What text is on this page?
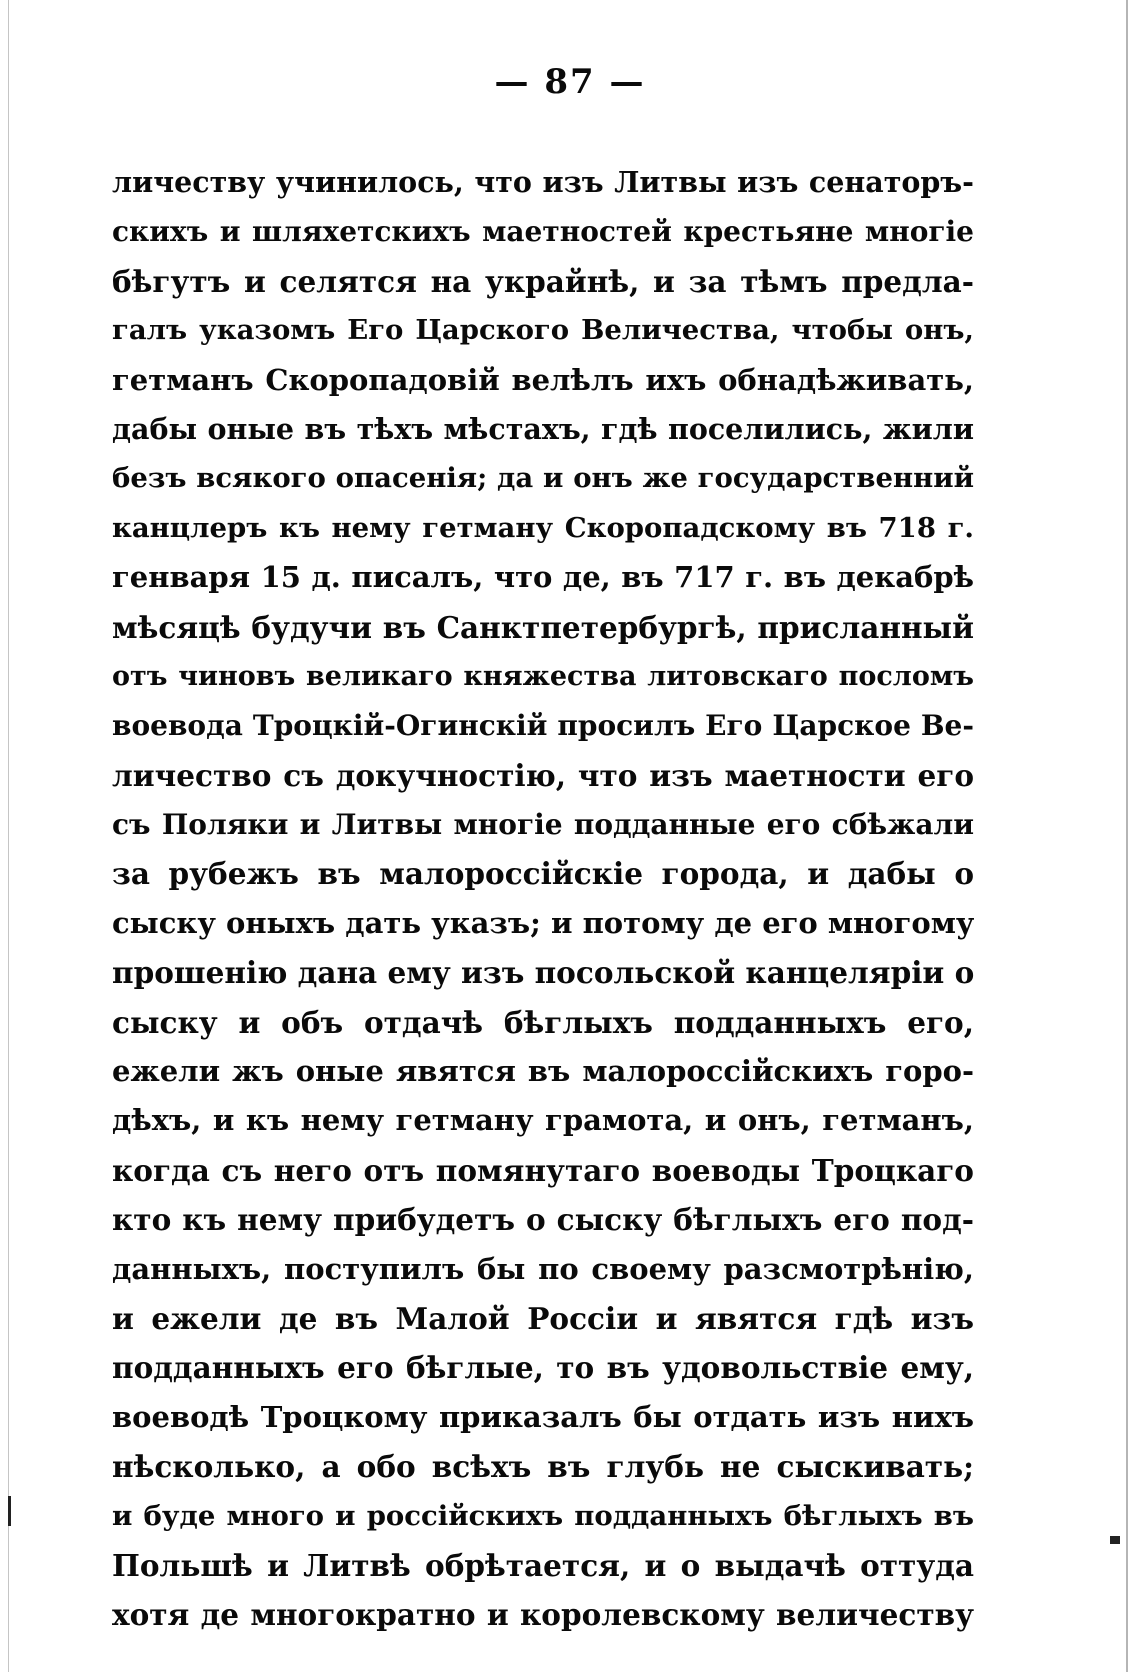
— 87 —
личеству учинилось, что изъ Литвы изъ сенаторъ-
скихъ и шляхетскихъ маетностей крестьяне многіе
бѣгутъ и селятся на украйнѣ, и за тѣмъ предла-
галъ указомъ Его Царского Величества, чтобы онъ,
гетманъ Скоропадовій велѣлъ ихъ обнадѣживать,
дабы оные въ тѣхъ мѣстахъ, гдѣ поселились, жили
безъ всякого опасенія; да и онъ же государственний
канцлеръ къ нему гетману Скоропадскому въ 718 г.
генваря 15 д. писалъ, что де, въ 717 г. въ декабрѣ
мѣсяцѣ будучи въ Санктпетербургѣ, присланный
отъ чиновъ великаго княжества литовскаго посломъ
воевода Троцкій-Огинскій просилъ Его Царское Ве-
личество съ докучностію, что изъ маетности его
съ Поляки и Литвы многіе подданные его сбѣжали
за рубежъ въ малороссійскіе города, и дабы о
сыску оныхъ дать указъ; и потому де его многому
прошенію дана ему изъ посольской канцеляріи о
сыску и объ отдачѣ бѣглыхъ подданныхъ его,
ежели жъ оные явятся въ малороссійскихъ горо-
дѣхъ, и къ нему гетману грамота, и онъ, гетманъ,
когда съ него отъ помянутаго воеводы Троцкаго
кто къ нему прибудетъ о сыску бѣглыхъ его под-
данныхъ, поступилъ бы по своему разсмотрѣнію,
и ежели де въ Малой Россіи и явятся гдѣ изъ
подданныхъ его бѣглые, то въ удовольствіе ему,
воеводѣ Троцкому приказалъ бы отдать изъ нихъ
нѣсколько, а обо всѣхъ въ глубь не сыскивать;
и буде много и россійскихъ подданныхъ бѣглыхъ въ
Польшѣ и Литвѣ обрѣтается, и о выдачѣ оттуда
хотя де многократно и королевскому величеству
